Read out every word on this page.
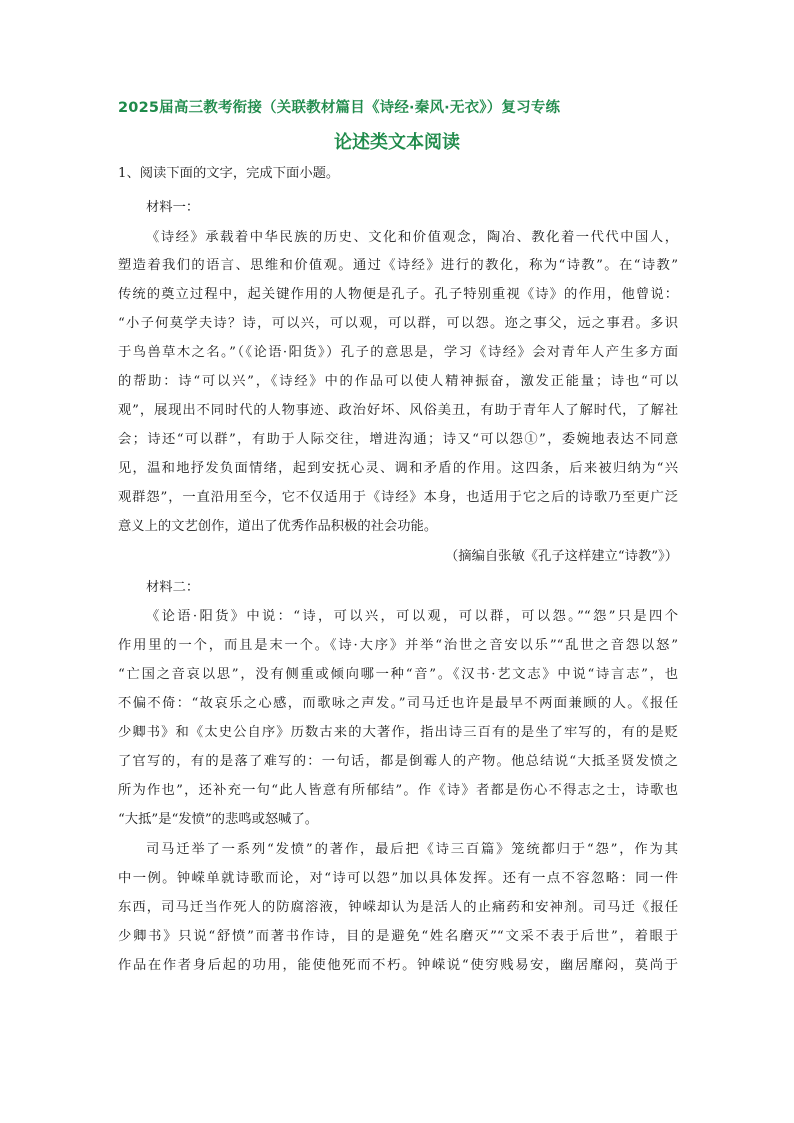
2025届高三教考衔接（关联教材篇目《诗经·秦风·无衣》）复习专练
论述类文本阅读
1、阅读下面的文字，完成下面小题。
材料一：
《诗经》承载着中华民族的历史、文化和价值观念，陶冶、教化着一代代中国人，
塑造着我们的语言、思维和价值观。通过《诗经》进行的教化，称为“诗教”。在“诗教”
传统的奠立过程中，起关键作用的人物便是孔子。孔子特别重视《诗》的作用，他曾说：
“小子何莫学夫诗？诗，可以兴，可以观，可以群，可以怨。迩之事父，远之事君。多识
于鸟兽草木之名。”（《论语·阳货》）孔子的意思是，学习《诗经》会对青年人产生多方面
的帮助：诗“可以兴”，《诗经》中的作品可以使人精神振奋，激发正能量；诗也“可以
观”，展现出不同时代的人物事迹、政治好坏、风俗美丑，有助于青年人了解时代，了解社
会；诗还“可以群”，有助于人际交往，增进沟通；诗又“可以怨①”，委婉地表达不同意
见，温和地抒发负面情绪，起到安抚心灵、调和矛盾的作用。这四条，后来被归纳为“兴
观群怨”，一直沿用至今，它不仅适用于《诗经》本身，也适用于它之后的诗歌乃至更广泛
意义上的文艺创作，道出了优秀作品积极的社会功能。
（摘编自张敏《孔子这样建立“诗教”》）
材料二：
《论语·阳货》中说：“诗，可以兴，可以观，可以群，可以怨。”“怨”只是四个
作用里的一个，而且是末一个。《诗·大序》并举“治世之音安以乐”“乱世之音怨以怒”
“亡国之音哀以思”，没有侧重或倾向哪一种“音”。《汉书·艺文志》中说“诗言志”，也
不偏不倚：“故哀乐之心感，而歌咏之声发。”司马迁也许是最早不两面兼顾的人。《报任
少卿书》和《太史公自序》历数古来的大著作，指出诗三百有的是坐了牢写的，有的是贬
了官写的，有的是落了难写的：一句话，都是倒霉人的产物。他总结说“大抵圣贤发愤之
所为作也”，还补充一句“此人皆意有所郁结”。作《诗》者都是伤心不得志之士，诗歌也
“大抵”是“发愤”的悲鸣或怒喊了。
司马迁举了一系列“发愤”的著作，最后把《诗三百篇》笼统都归于“怨”，作为其
中一例。钟嵘单就诗歌而论，对“诗可以怨”加以具体发挥。还有一点不容忽略：同一件
东西，司马迁当作死人的防腐溶液，钟嵘却认为是活人的止痛药和安神剂。司马迁《报任
少卿书》只说“舒愤”而著书作诗，目的是避免“姓名磨灭”“文采不表于后世”，着眼于
作品在作者身后起的功用，能使他死而不朽。钟嵘说“使穷贱易安，幽居靡闷，莫尚于
